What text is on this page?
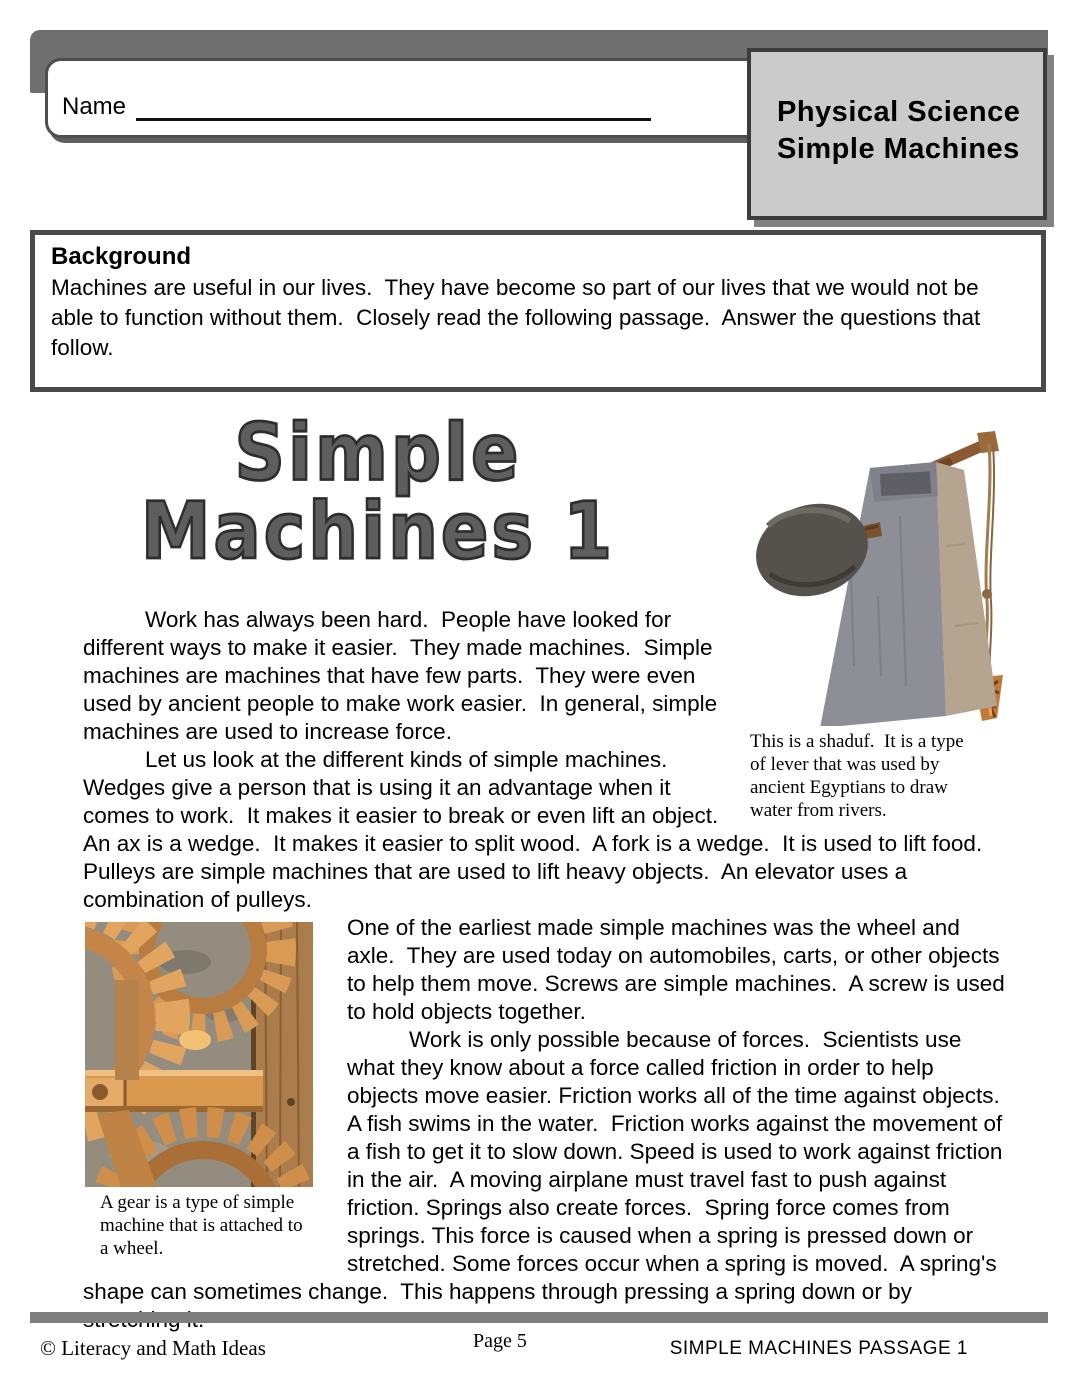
Name	Physical Science
Simple Machines
Background
Machines are useful in our lives.  They have become so part of our lives that we would not be able to function without them.  Closely read the following passage.  Answer the questions that follow.
This is a shaduf.  It is a type of lever that was used by ancient Egyptians to draw water from rivers.
Simple Machines 1

Work has always been hard.  People have looked for different ways to make it easier.  They made machines.  Simple machines are machines that have few parts.  They were even used by ancient people to make work easier.  In general, simple machines are used to increase force.

Let us look at the different kinds of simple machines. Wedges give a person that is using it an advantage when it comes to work.  It makes it easier to break or even lift an object.  An ax is a wedge.  It makes it easier to split wood.  A fork is a wedge.  It is used to lift food. Pulleys are simple machines that are used to lift heavy objects.  An elevator uses a combination of pulleys.

A gear is a type of simple machine that is attached to a wheel.

One of the earliest made simple machines was the wheel and axle.  They are used today on automobiles, carts, or other objects to help them move. Screws are simple machines.  A screw is used to hold objects together.

Work is only possible because of forces.  Scientists use what they know about a force called friction in order to help objects move easier. Friction works all of the time against objects.  A fish swims in the water.  Friction works against the movement of a fish to get it to slow down. Speed is used to work against friction in the air.  A moving airplane must travel fast to push against friction. Springs also create forces.  Spring force comes from springs. This force is caused when a spring is pressed down or stretched. Some forces occur when a spring is moved.  A spring's shape can sometimes change.  This happens through pressing a spring down or by

© Literacy and Math Ideas	Page 5	SIMPLE MACHINES PASSAGE 1
